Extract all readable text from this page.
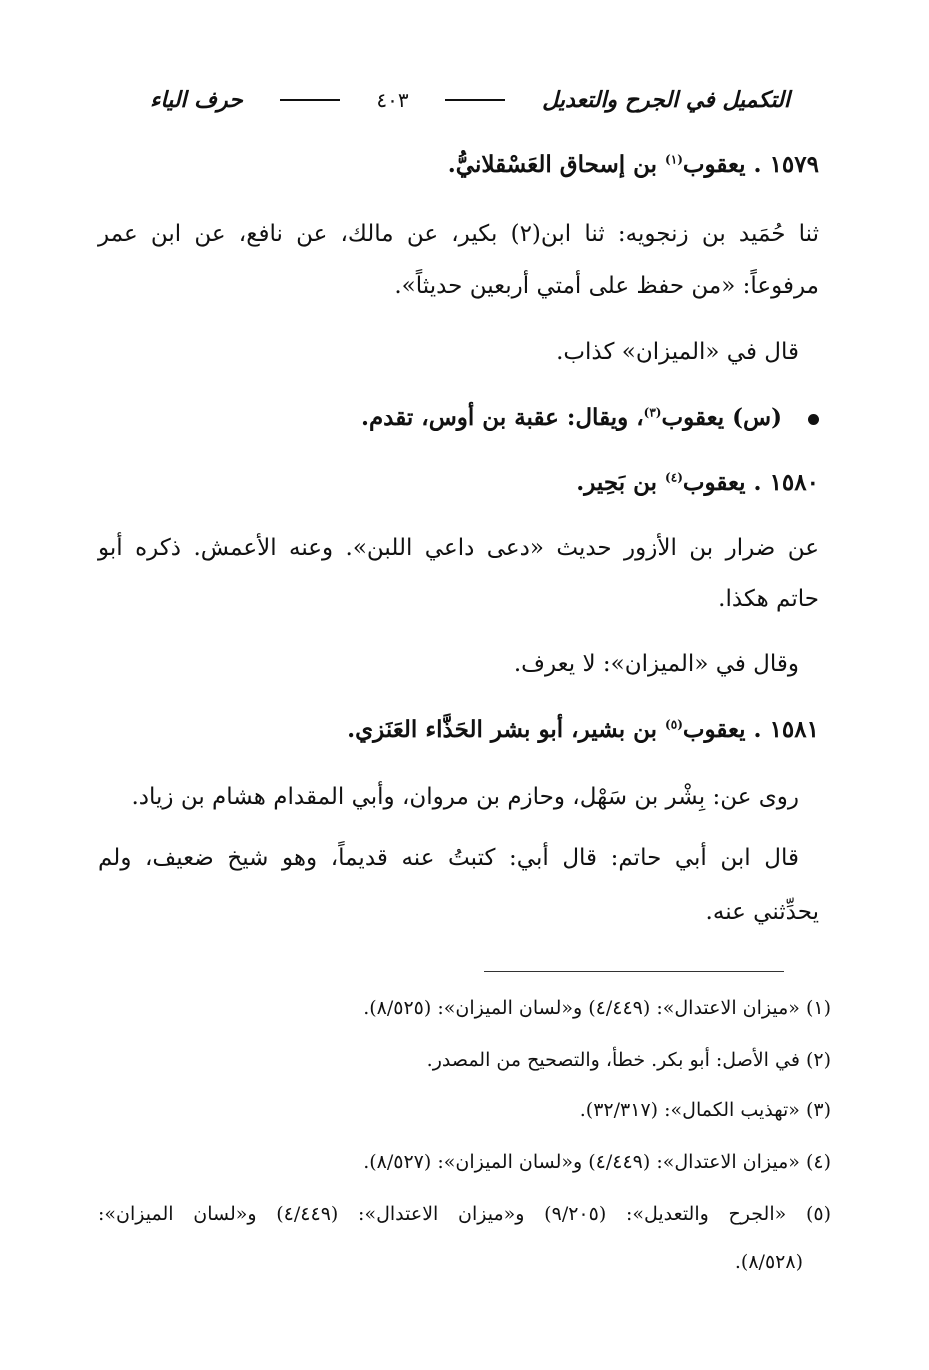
التكميل في الجرح والتعديل
٤٠٣
حرف الياء
١٥٧٩ . يعقوب$^{(١)}$ بن إسحاق العَسْقلانيُّ.
ثنا حُمَيد بن زنجويه: ثنا ابن(٢) بكير، عن مالك، عن نافع، عن ابن عمر
مرفوعاً: «من حفظ على أمتي أربعين حديثاً».
قال في «الميزان» كذاب.
(س) يعقوب$^{(٣)}$، ويقال: عقبة بن أوس، تقدم.
١٥٨٠ . يعقوب$^{(٤)}$ بن بَحِير.
عن ضرار بن الأزور حديث «دعى داعي اللبن». وعنه الأعمش. ذكره أبو
حاتم هكذا.
وقال في «الميزان»: لا يعرف.
١٥٨١ . يعقوب$^{(٥)}$ بن بشير، أبو بشر الحَذَّاء العَنَزي.
روى عن: بِشْر بن سَهْل، وحازم بن مروان، وأبي المقدام هشام بن زياد.
قال ابن أبي حاتم: قال أبي: كتبتُ عنه قديماً، وهو شيخ ضعيف، ولم
يحدِّثني عنه.
(١) «ميزان الاعتدال»: (٤/٤٤٩) و«لسان الميزان»: (٨/٥٢٥).
(٢) في الأصل: أبو بكر. خطأ، والتصحيح من المصدر.
(٣) «تهذيب الكمال»: (٣٢/٣١٧).
(٤) «ميزان الاعتدال»: (٤/٤٤٩) و«لسان الميزان»: (٨/٥٢٧).
(٥) «الجرح والتعديل»: (٩/٢٠٥) و«ميزان الاعتدال»: (٤/٤٤٩) و«لسان الميزان»:
(٨/٥٢٨).
